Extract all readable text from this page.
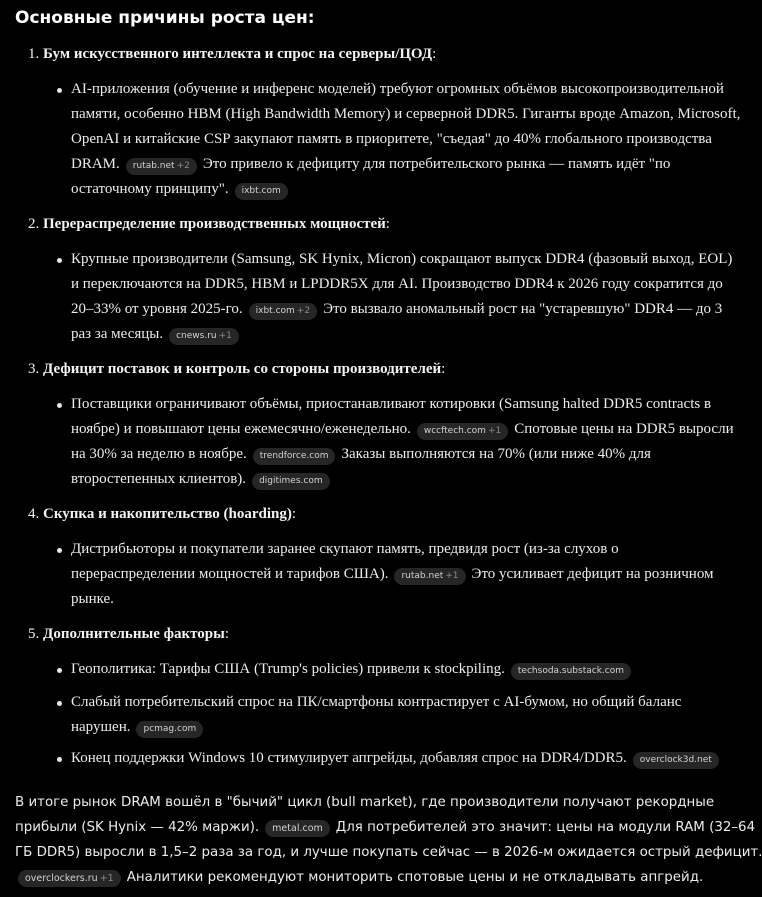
Основные причины роста цен:
1. Бум искусственного интеллекта и спрос на серверы/ЦОД:
AI-приложения (обучение и инференс моделей) требуют огромных объёмов высокопроизводительной
памяти, особенно HBM (High Bandwidth Memory) и серверной DDR5. Гиганты вроде Amazon, Microsoft,
OpenAI и китайские CSP закупают память в приоритете, "съедая" до 40% глобального производства
DRAM. rutab.net +2 Это привело к дефициту для потребительского рынка — память идёт "по
остаточному принципу". ixbt.com
2. Перераспределение производственных мощностей:
Крупные производители (Samsung, SK Hynix, Micron) сокращают выпуск DDR4 (фазовый выход, EOL)
и переключаются на DDR5, HBM и LPDDR5X для AI. Производство DDR4 к 2026 году сократится до
20–33% от уровня 2025-го. ixbt.com +2 Это вызвало аномальный рост на "устаревшую" DDR4 — до 3
раз за месяцы. cnews.ru +1
3. Дефицит поставок и контроль со стороны производителей:
Поставщики ограничивают объёмы, приостанавливают котировки (Samsung halted DDR5 contracts в
ноябре) и повышают цены ежемесячно/еженедельно. wccftech.com +1 Спотовые цены на DDR5 выросли
на 30% за неделю в ноябре. trendforce.com Заказы выполняются на 70% (или ниже 40% для
второстепенных клиентов). digitimes.com
4. Скупка и накопительство (hoarding):
Дистрибьюторы и покупатели заранее скупают память, предвидя рост (из-за слухов о
перераспределении мощностей и тарифов США). rutab.net +1 Это усиливает дефицит на розничном
рынке.
5. Дополнительные факторы:
Геополитика: Тарифы США (Trump's policies) привели к stockpiling. techsoda.substack.com
Слабый потребительский спрос на ПК/смартфоны контрастирует с AI-бумом, но общий баланс
нарушен. pcmag.com
Конец поддержки Windows 10 стимулирует апгрейды, добавляя спрос на DDR4/DDR5. overclock3d.net
В итоге рынок DRAM вошёл в "бычий" цикл (bull market), где производители получают рекордные
прибыли (SK Hynix — 42% маржи). metal.com Для потребителей это значит: цены на модули RAM (32–64
ГБ DDR5) выросли в 1,5–2 раза за год, и лучше покупать сейчас — в 2026-м ожидается острый дефицит.
overclockers.ru +1 Аналитики рекомендуют мониторить спотовые цены и не откладывать апгрейд.
